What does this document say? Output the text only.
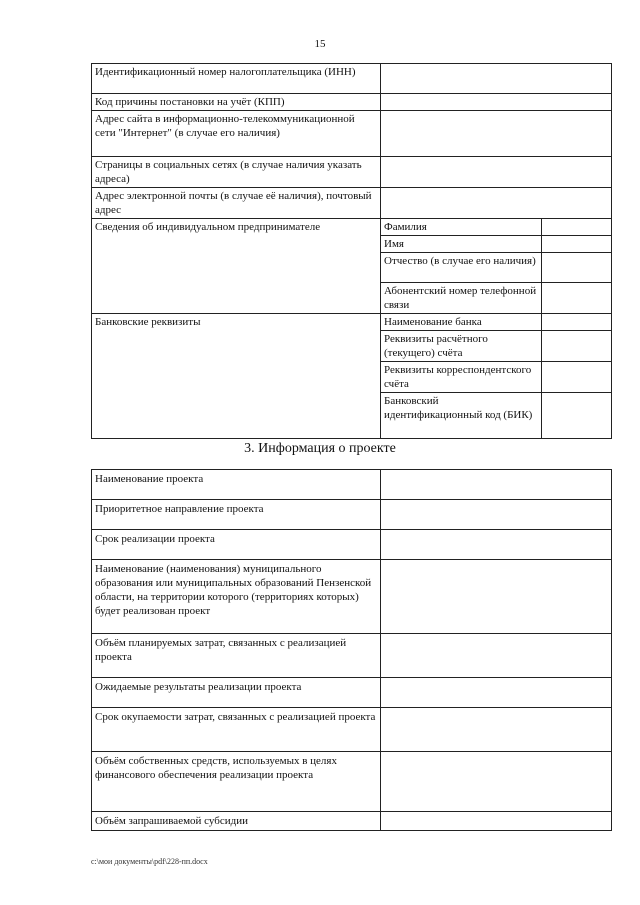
15
Идентификационный номер налогоплательщика (ИНН)		
Код причины постановки на учёт (КПП)		
Адрес сайта в информационно-телекоммуникационной сети "Интернет" (в случае его наличия)		
Страницы в социальных сетях (в случае наличия указать адреса)		
Адрес электронной почты (в случае её наличия), почтовый адрес		
Сведения об индивидуальном предпринимателе	Фамилия	
	Имя	
	Отчество (в случае его наличия)	
	Абонентский номер телефонной связи	
Банковские реквизиты	Наименование банка	
	Реквизиты расчётного (текущего) счёта	
	Реквизиты корреспондентского счёта	
	Банковский идентификационный код (БИК)	
3. Информация о проекте
Наименование проекта	
Приоритетное направление проекта	
Срок реализации проекта	
Наименование (наименования) муниципального образования или муниципальных образований Пензенской области, на территории которого (территориях которых) будет реализован проект	
Объём планируемых затрат, связанных с реализацией проекта	
Ожидаемые результаты реализации проекта	
Срок окупаемости затрат, связанных с реализацией проекта	
Объём собственных средств, используемых в целях финансового обеспечения реализации проекта	
Объём запрашиваемой субсидии	
c:\мои документы\pdf\228-пп.docx
